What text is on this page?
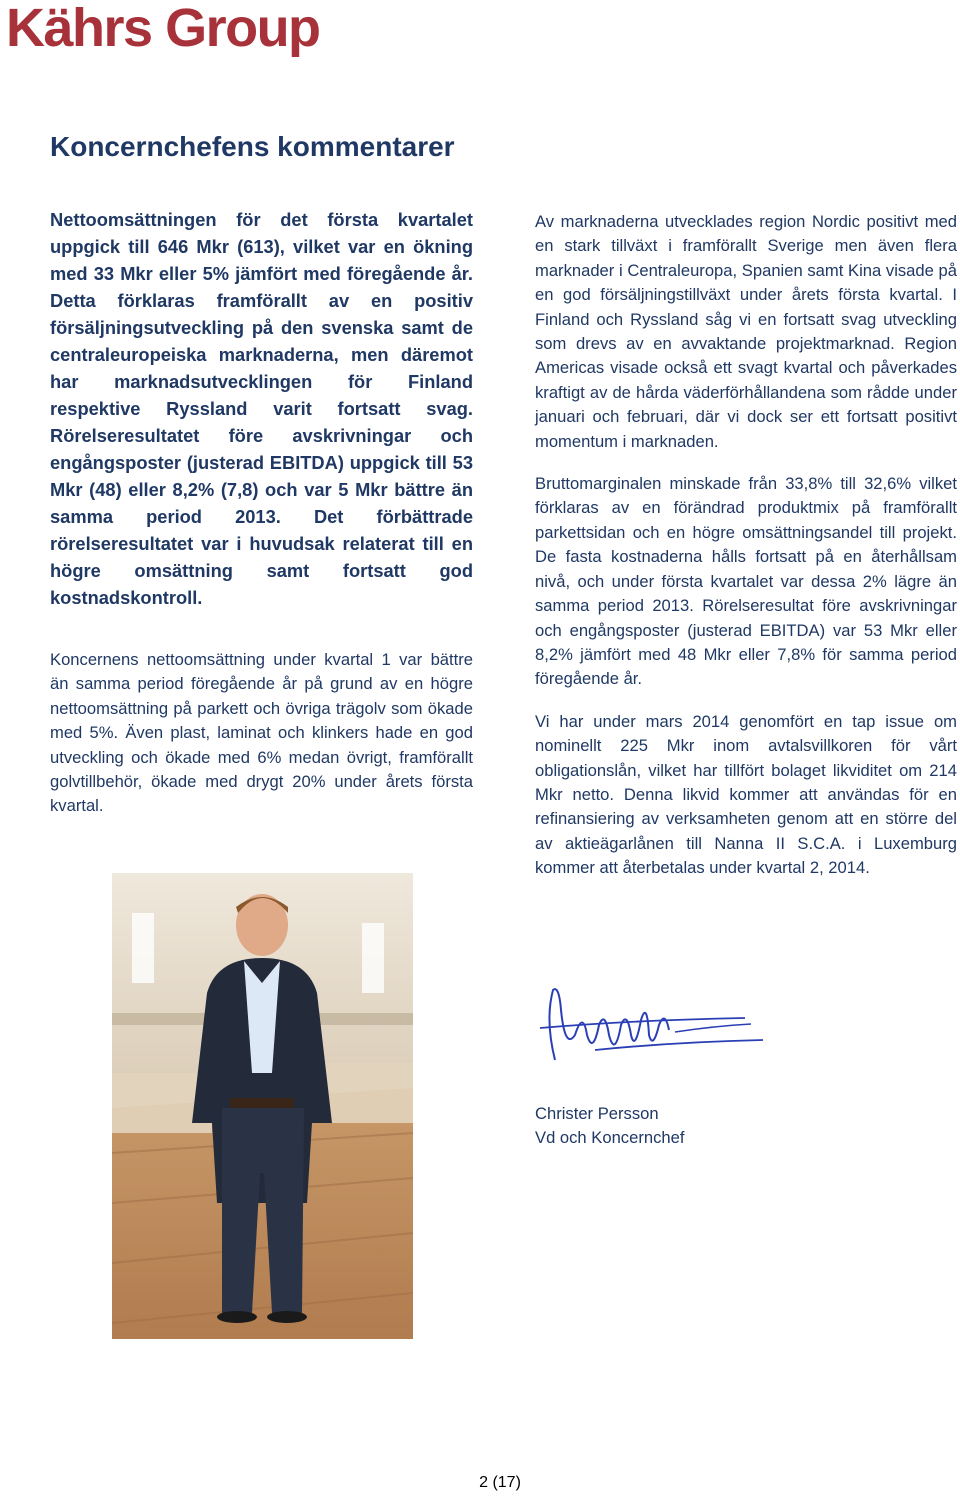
Kährs Group
Koncernchefens kommentarer

Nettoomsättningen för det första kvartalet uppgick till 646 Mkr (613), vilket var en ökning med 33 Mkr eller 5% jämfört med föregående år. Detta förklaras framförallt av en positiv försäljningsutveckling på den svenska samt de centraleuropeiska marknaderna, men däremot har marknadsutvecklingen för Finland respektive Ryssland varit fortsatt svag. Rörelseresultatet före avskrivningar och engångsposter (justerad EBITDA) uppgick till 53 Mkr (48) eller 8,2% (7,8) och var 5 Mkr bättre än samma period 2013. Det förbättrade rörelseresultatet var i huvudsak relaterat till en högre omsättning samt fortsatt god kostnadskontroll.

Koncernens nettoomsättning under kvartal 1 var bättre än samma period föregående år på grund av en högre nettoomsättning på parkett och övriga trägolv som ökade med 5%. Även plast, laminat och klinkers hade en god utveckling och ökade med 6% medan övrigt, framförallt golvtillbehör, ökade med drygt 20% under årets första kvartal.

Av marknaderna utvecklades region Nordic positivt med en stark tillväxt i framförallt Sverige men även flera marknader i Centraleuropa, Spanien samt Kina visade på en god försäljningstillväxt under årets första kvartal. I Finland och Ryssland såg vi en fortsatt svag utveckling som drevs av en avvaktande projektmarknad. Region Americas visade också ett svagt kvartal och påverkades kraftigt av de hårda väderförhållandena som rådde under januari och februari, där vi dock ser ett fortsatt positivt momentum i marknaden.

Bruttomarginalen minskade från 33,8% till 32,6% vilket förklaras av en förändrad produktmix på framförallt parkettsidan och en högre omsättningsandel till projekt. De fasta kostnaderna hålls fortsatt på en återhållsam nivå, och under första kvartalet var dessa 2% lägre än samma period 2013. Rörelseresultat före avskrivningar och engångsposter (justerad EBITDA) var 53 Mkr eller 8,2% jämfört med 48 Mkr eller 7,8% för samma period föregående år.

Vi har under mars 2014 genomfört en tap issue om nominellt 225 Mkr inom avtalsvillkoren för vårt obligationslån, vilket har tillfört bolaget likviditet om 214 Mkr netto. Denna likvid kommer att användas för en refinansiering av verksamheten genom att en större del av aktieägarlånen till Nanna II S.C.A. i Luxemburg kommer att återbetalas under kvartal 2, 2014.

Christer Persson
Vd och Koncernchef
2 (17)
